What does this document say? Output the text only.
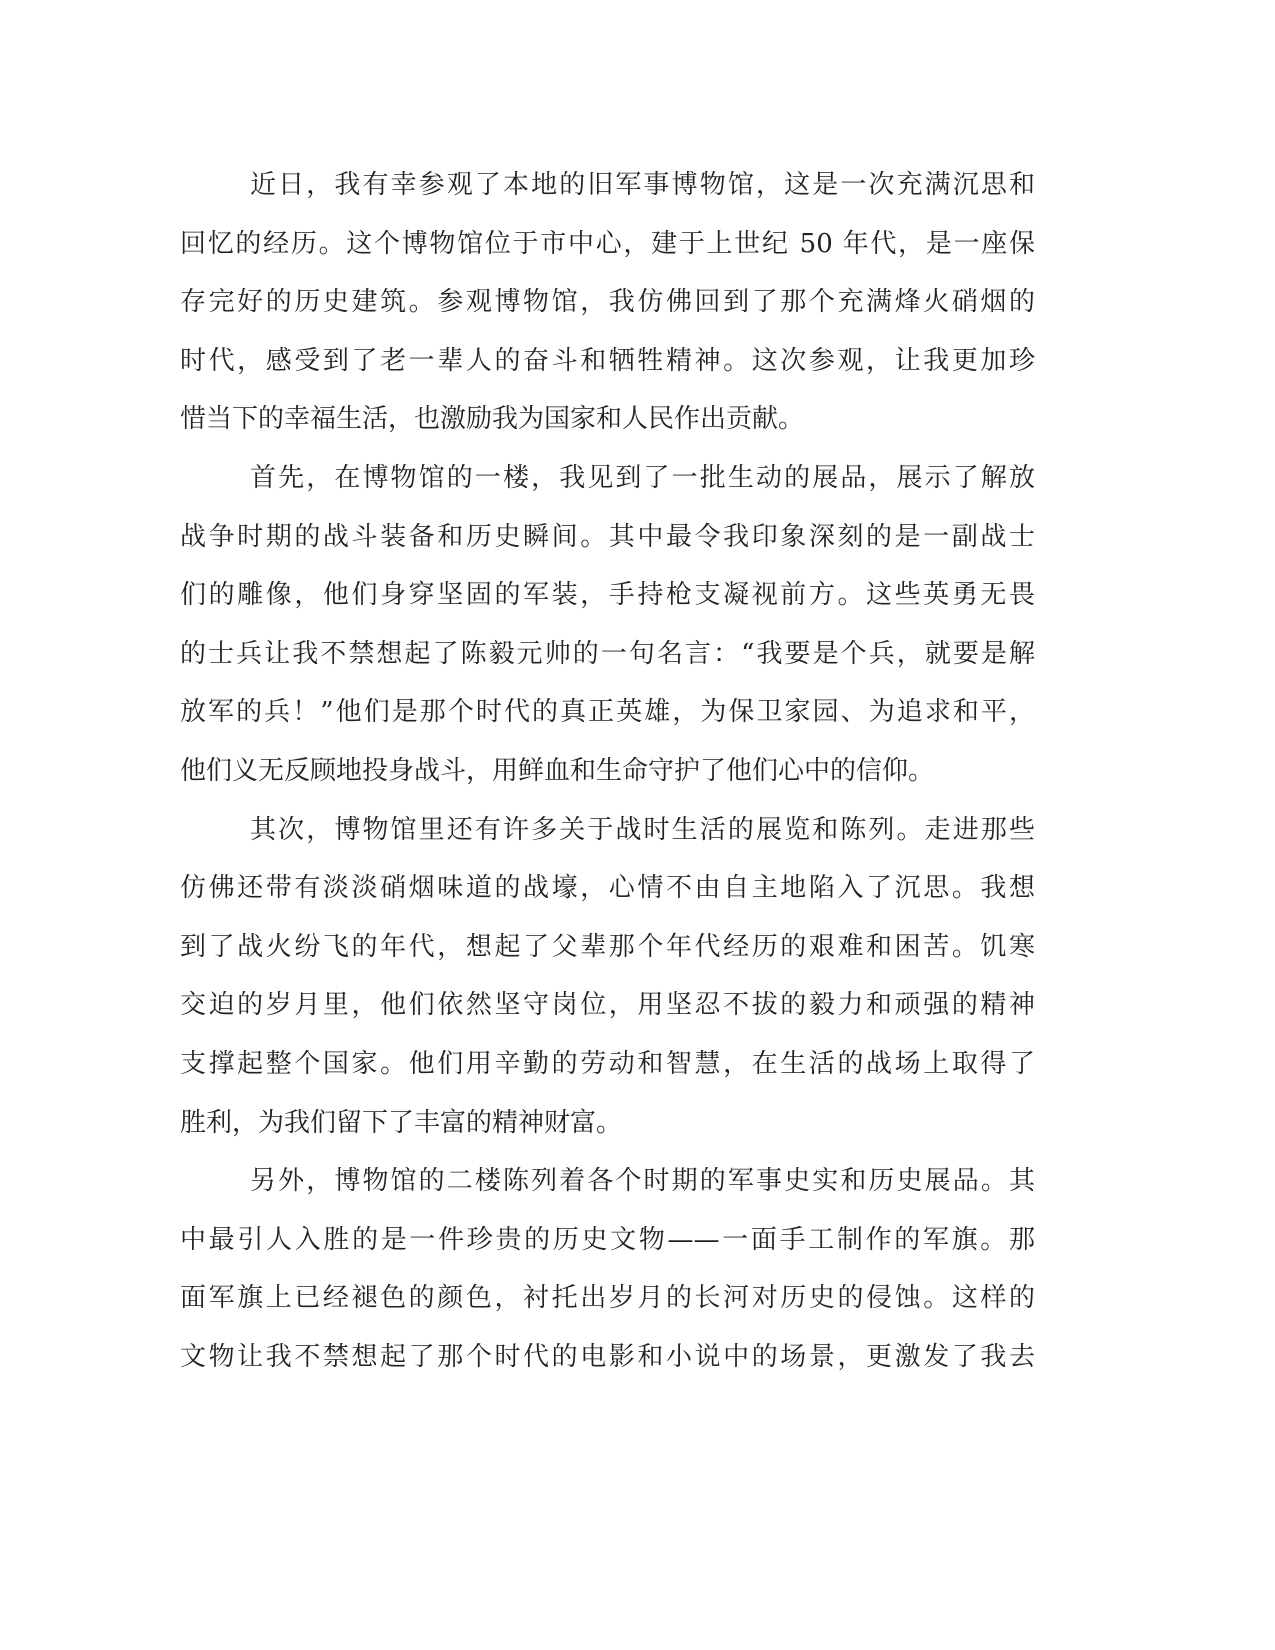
近日，我有幸参观了本地的旧军事博物馆，这是一次充满沉思和
回忆的经历。这个博物馆位于市中心，建于上世纪 50 年代，是一座保
存完好的历史建筑。参观博物馆，我仿佛回到了那个充满烽火硝烟的
时代，感受到了老一辈人的奋斗和牺牲精神。这次参观，让我更加珍
惜当下的幸福生活，也激励我为国家和人民作出贡献。
首先，在博物馆的一楼，我见到了一批生动的展品，展示了解放
战争时期的战斗装备和历史瞬间。其中最令我印象深刻的是一副战士
们的雕像，他们身穿坚固的军装，手持枪支凝视前方。这些英勇无畏
的士兵让我不禁想起了陈毅元帅的一句名言：“我要是个兵，就要是解
放军的兵！”他们是那个时代的真正英雄，为保卫家园、为追求和平，
他们义无反顾地投身战斗，用鲜血和生命守护了他们心中的信仰。
其次，博物馆里还有许多关于战时生活的展览和陈列。走进那些
仿佛还带有淡淡硝烟味道的战壕，心情不由自主地陷入了沉思。我想
到了战火纷飞的年代，想起了父辈那个年代经历的艰难和困苦。饥寒
交迫的岁月里，他们依然坚守岗位，用坚忍不拔的毅力和顽强的精神
支撑起整个国家。他们用辛勤的劳动和智慧，在生活的战场上取得了
胜利，为我们留下了丰富的精神财富。
另外，博物馆的二楼陈列着各个时期的军事史实和历史展品。其
中最引人入胜的是一件珍贵的历史文物——一面手工制作的军旗。那
面军旗上已经褪色的颜色，衬托出岁月的长河对历史的侵蚀。这样的
文物让我不禁想起了那个时代的电影和小说中的场景，更激发了我去
